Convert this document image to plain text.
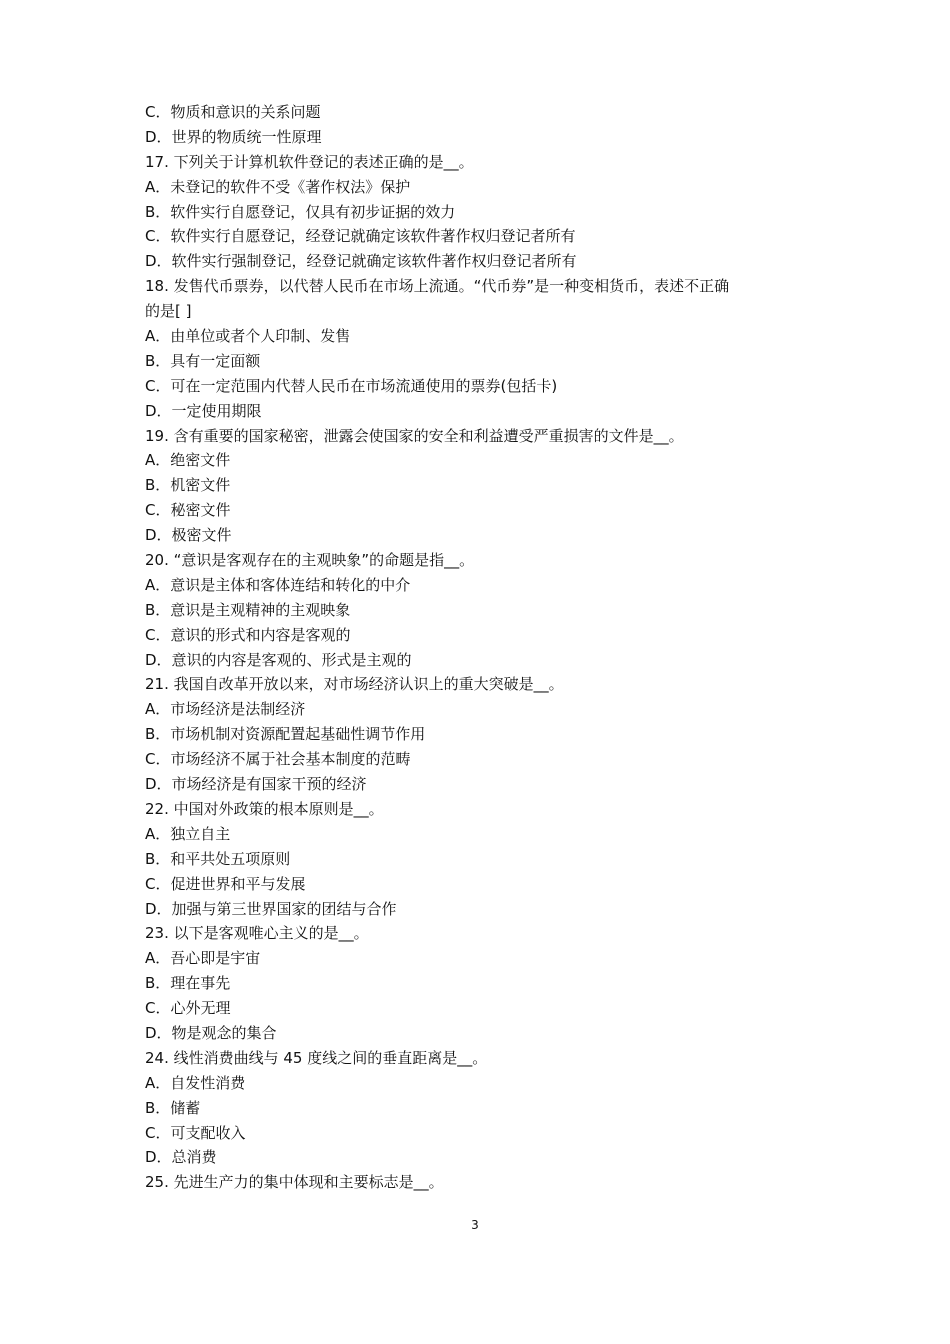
C．物质和意识的关系问题
D．世界的物质统一性原理
17. 下列关于计算机软件登记的表述正确的是__。
A．未登记的软件不受《著作权法》保护
B．软件实行自愿登记，仅具有初步证据的效力
C．软件实行自愿登记，经登记就确定该软件著作权归登记者所有
D．软件实行强制登记，经登记就确定该软件著作权归登记者所有
18. 发售代币票券，以代替人民币在市场上流通。“代币券”是一种变相货币，表述不正确
的是[ ]
A．由单位或者个人印制、发售
B．具有一定面额
C．可在一定范围内代替人民币在市场流通使用的票券(包括卡)
D．一定使用期限
19. 含有重要的国家秘密，泄露会使国家的安全和利益遭受严重损害的文件是__。
A．绝密文件
B．机密文件
C．秘密文件
D．极密文件
20. “意识是客观存在的主观映象”的命题是指__。
A．意识是主体和客体连结和转化的中介
B．意识是主观精神的主观映象
C．意识的形式和内容是客观的
D．意识的内容是客观的、形式是主观的
21. 我国自改革开放以来，对市场经济认识上的重大突破是__。
A．市场经济是法制经济
B．市场机制对资源配置起基础性调节作用
C．市场经济不属于社会基本制度的范畴
D．市场经济是有国家干预的经济
22. 中国对外政策的根本原则是__。
A．独立自主
B．和平共处五项原则
C．促进世界和平与发展
D．加强与第三世界国家的团结与合作
23. 以下是客观唯心主义的是__。
A．吾心即是宇宙
B．理在事先
C．心外无理
D．物是观念的集合
24. 线性消费曲线与 45 度线之间的垂直距离是__。
A．自发性消费
B．储蓄
C．可支配收入
D．总消费
25. 先进生产力的集中体现和主要标志是__。
3
